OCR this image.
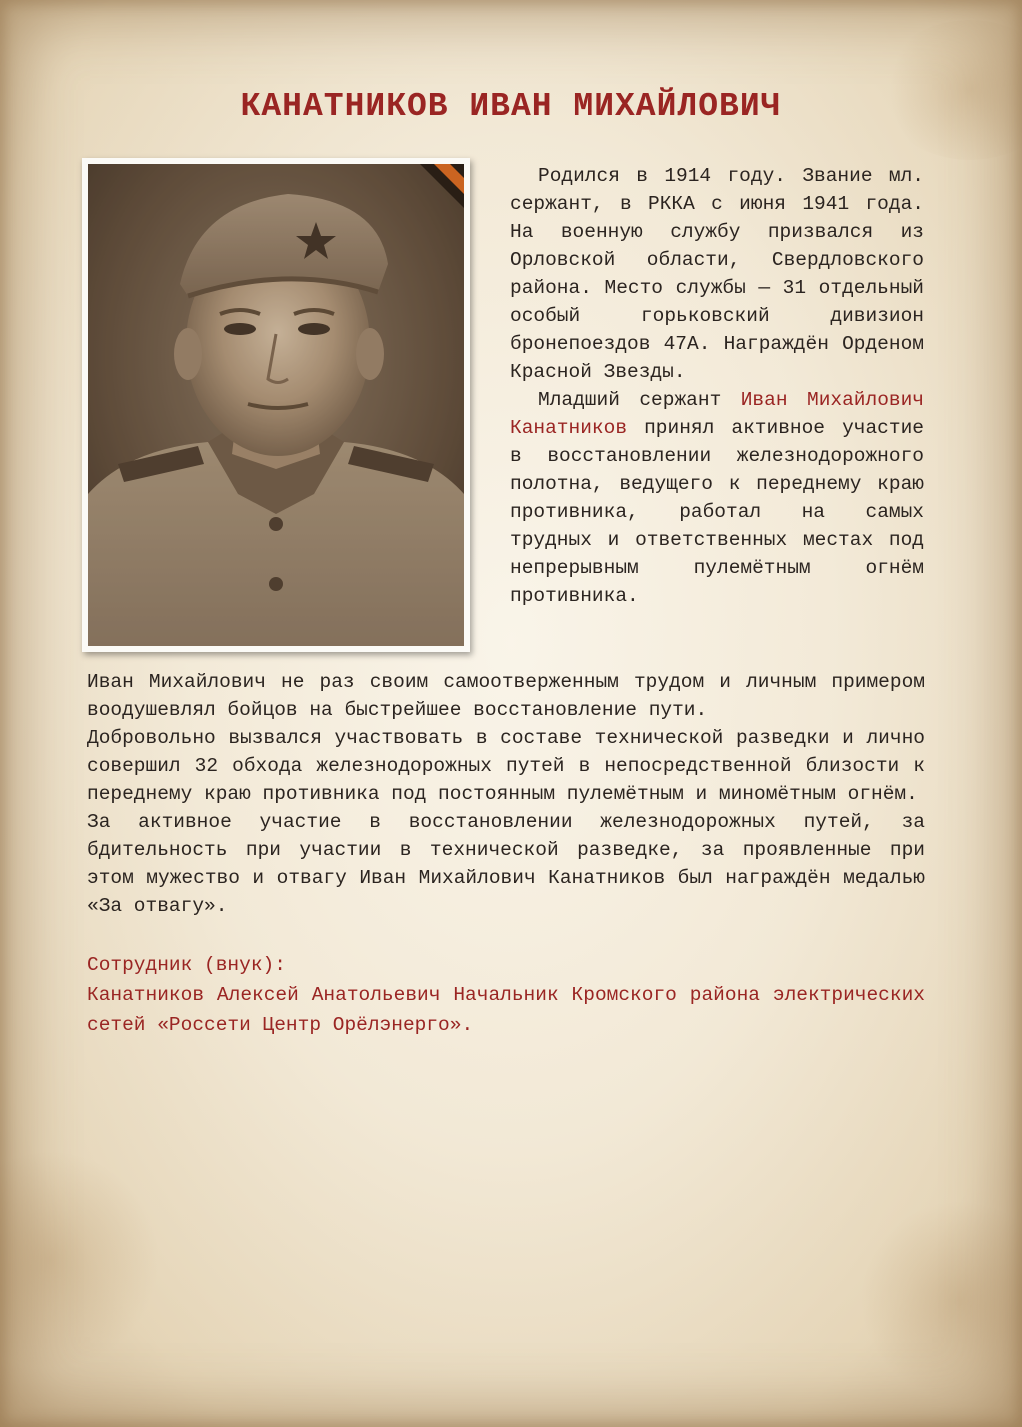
КАНАТНИКОВ ИВАН МИХАЙЛОВИЧ

Родился в 1914 году. Звание мл. сержант, в РККА с июня 1941 года. На военную службу призвался из Орловской области, Свердловского района. Место службы — 31 отдельный особый горьковский дивизион бронепоездов 47А. Награждён Орденом Красной Звезды.

Младший сержант Иван Михайлович Канатников принял активное участие в восстановлении железнодорожного полотна, ведущего к переднему краю противника, работал на самых трудных и ответственных местах под непрерывным пулемётным огнём противника.

Иван Михайлович не раз своим самоотверженным трудом и личным примером воодушевлял бойцов на быстрейшее восстановление пути.

Добровольно вызвался участвовать в составе технической разведки и лично совершил 32 обхода железнодорожных путей в непосредственной близости к переднему краю противника под постоянным пулемётным и миномётным огнём.

За активное участие в восстановлении железнодорожных путей, за бдительность при участии в технической разведке, за проявленные при этом мужество и отвагу Иван Михайлович Канатников был награждён медалью «За отвагу».

Сотрудник (внук):
Канатников Алексей Анатольевич Начальник Кромского района электрических сетей «Россети Центр Орёлэнерго».
